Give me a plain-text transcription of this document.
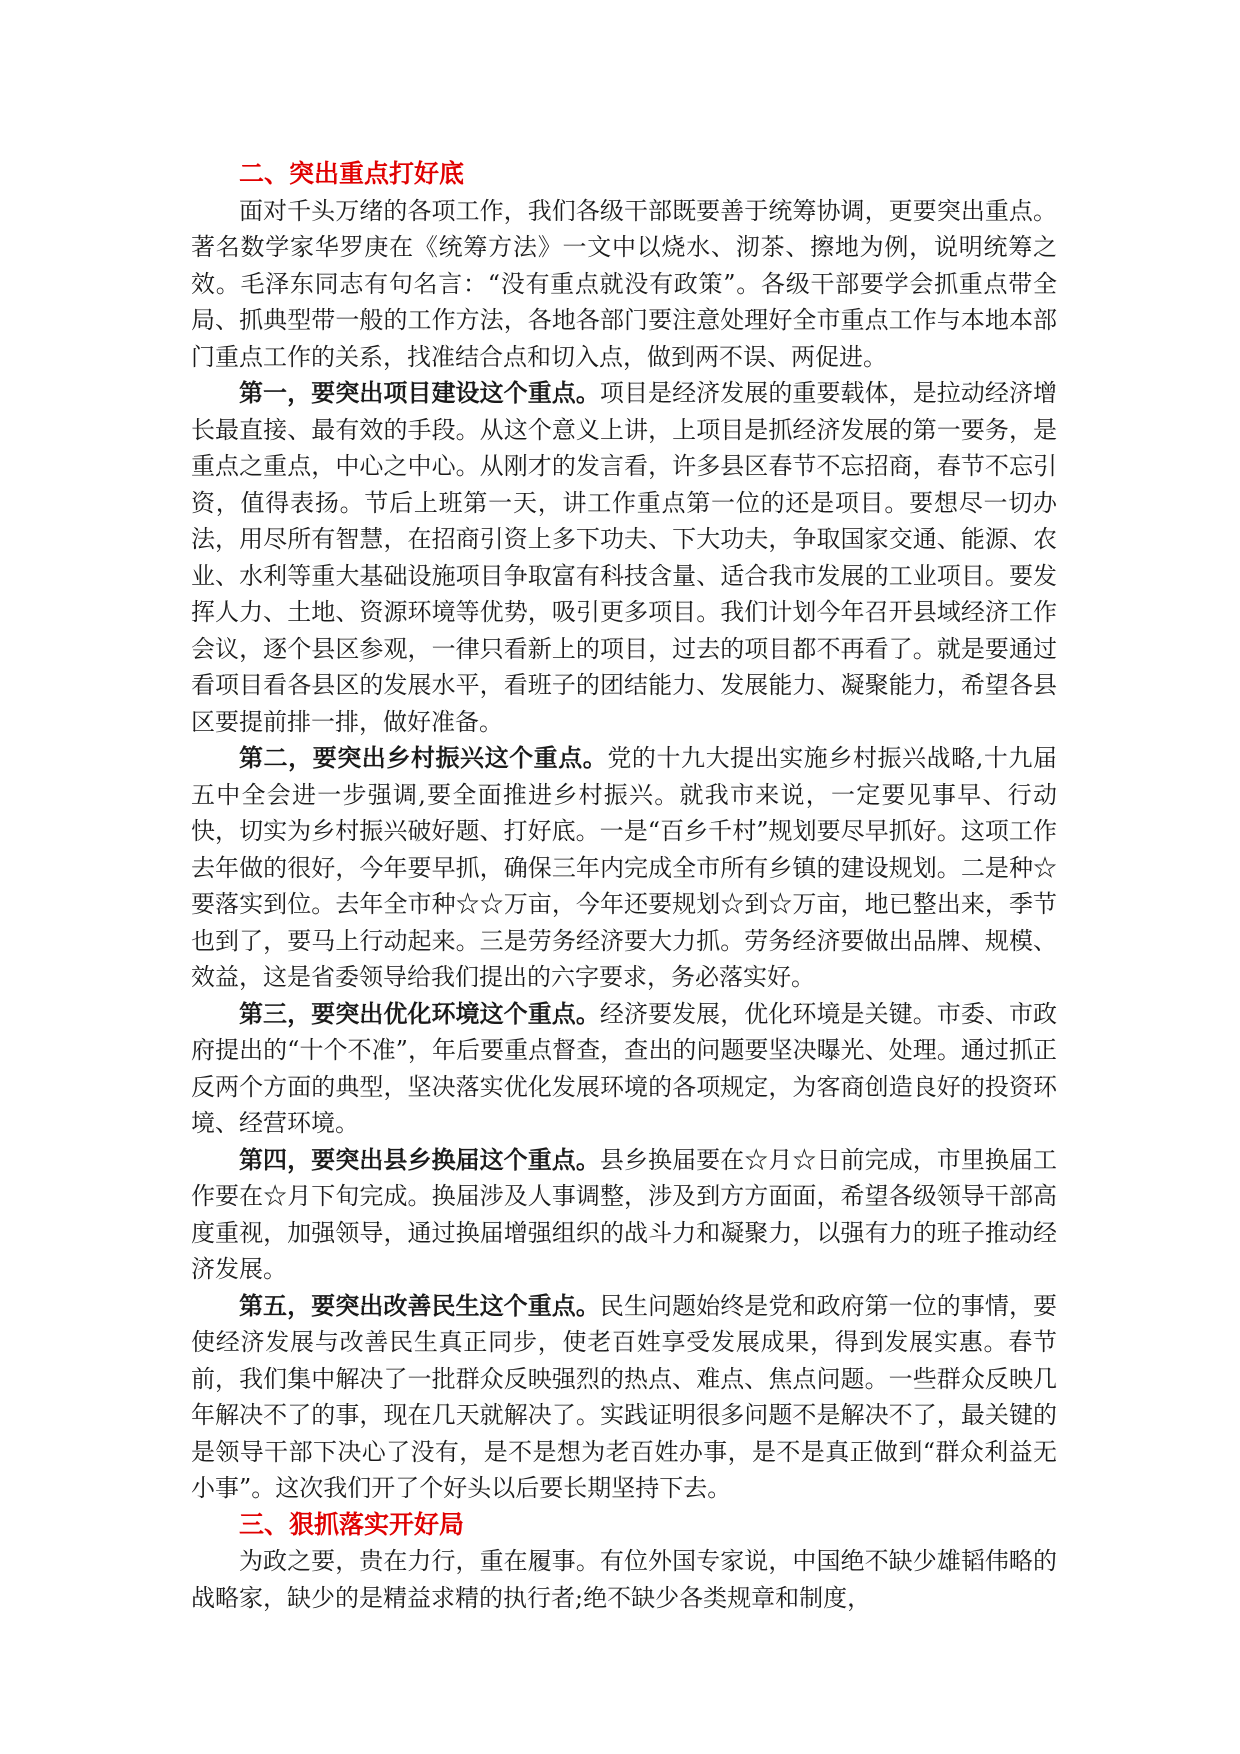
二、突出重点打好底

面对千头万绪的各项工作，我们各级干部既要善于统筹协调，更要突出重点。著名数学家华罗庚在《统筹方法》一文中以烧水、沏茶、擦地为例，说明统筹之效。毛泽东同志有句名言：“没有重点就没有政策”。各级干部要学会抓重点带全局、抓典型带一般的工作方法，各地各部门要注意处理好全市重点工作与本地本部门重点工作的关系，找准结合点和切入点，做到两不误、两促进。

第一，要突出项目建设这个重点。项目是经济发展的重要载体，是拉动经济增长最直接、最有效的手段。从这个意义上讲，上项目是抓经济发展的第一要务，是重点之重点，中心之中心。从刚才的发言看，许多县区春节不忘招商，春节不忘引资，值得表扬。节后上班第一天，讲工作重点第一位的还是项目。要想尽一切办法，用尽所有智慧，在招商引资上多下功夫、下大功夫，争取国家交通、能源、农业、水利等重大基础设施项目争取富有科技含量、适合我市发展的工业项目。要发挥人力、土地、资源环境等优势，吸引更多项目。我们计划今年召开县域经济工作会议，逐个县区参观，一律只看新上的项目，过去的项目都不再看了。就是要通过看项目看各县区的发展水平，看班子的团结能力、发展能力、凝聚能力，希望各县区要提前排一排，做好准备。

第二，要突出乡村振兴这个重点。党的十九大提出实施乡村振兴战略,十九届五中全会进一步强调,要全面推进乡村振兴。就我市来说，一定要见事早、行动快，切实为乡村振兴破好题、打好底。一是“百乡千村”规划要尽早抓好。这项工作去年做的很好，今年要早抓，确保三年内完成全市所有乡镇的建设规划。二是种☆要落实到位。去年全市种☆☆万亩，今年还要规划☆到☆万亩，地已整出来，季节也到了，要马上行动起来。三是劳务经济要大力抓。劳务经济要做出品牌、规模、效益，这是省委领导给我们提出的六字要求，务必落实好。

第三，要突出优化环境这个重点。经济要发展，优化环境是关键。市委、市政府提出的“十个不准”，年后要重点督查，查出的问题要坚决曝光、处理。通过抓正反两个方面的典型，坚决落实优化发展环境的各项规定，为客商创造良好的投资环境、经营环境。

第四，要突出县乡换届这个重点。县乡换届要在☆月☆日前完成，市里换届工作要在☆月下旬完成。换届涉及人事调整，涉及到方方面面，希望各级领导干部高度重视，加强领导，通过换届增强组织的战斗力和凝聚力，以强有力的班子推动经济发展。

第五，要突出改善民生这个重点。民生问题始终是党和政府第一位的事情，要使经济发展与改善民生真正同步，使老百姓享受发展成果，得到发展实惠。春节前，我们集中解决了一批群众反映强烈的热点、难点、焦点问题。一些群众反映几年解决不了的事，现在几天就解决了。实践证明很多问题不是解决不了，最关键的是领导干部下决心了没有，是不是想为老百姓办事，是不是真正做到“群众利益无小事”。这次我们开了个好头以后要长期坚持下去。

三、狠抓落实开好局

为政之要，贵在力行，重在履事。有位外国专家说，中国绝不缺少雄韬伟略的战略家，缺少的是精益求精的执行者;绝不缺少各类规章和制度，
